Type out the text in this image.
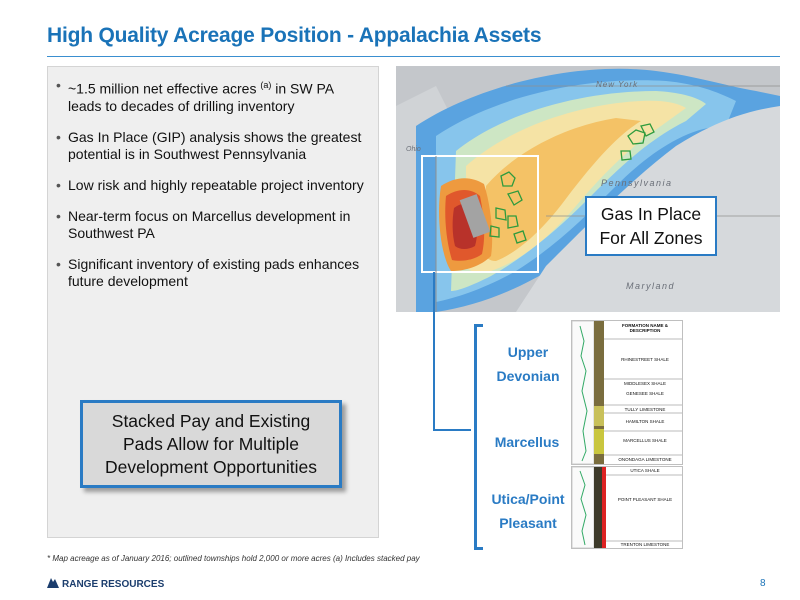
High Quality Acreage Position - Appalachia Assets
• ~1.5 million net effective acres $^{(a)}$ in SW PA leads to decades of drilling inventory
• Gas In Place (GIP) analysis shows the greatest potential is in Southwest Pennsylvania
• Low risk and highly repeatable project inventory
• Near-term focus on Marcellus development in Southwest PA
• Significant inventory of existing pads enhances future development
Stacked Pay and Existing
Pads Allow for Multiple
Development Opportunities
New York
Pennsylvania
Maryland
Ohio
Gas In Place
For All Zones
Upper
Devonian
Marcellus
Utica/Point
Pleasant
FORMATION NAME & DESCRIPTION
RHINESTREET SHALE
MIDDLESEX SHALE
GENESEE SHALE
TULLY LIMESTONE
HAMILTON SHALE
MARCELLUS SHALE
ONONDAGA LIMESTONE
UTICA SHALE
POINT PLEASANT SHALE
TRENTON LIMESTONE
* Map acreage as of January 2016; outlined townships hold 2,000 or more acres (a) Includes stacked pay
RANGE RESOURCES	8
